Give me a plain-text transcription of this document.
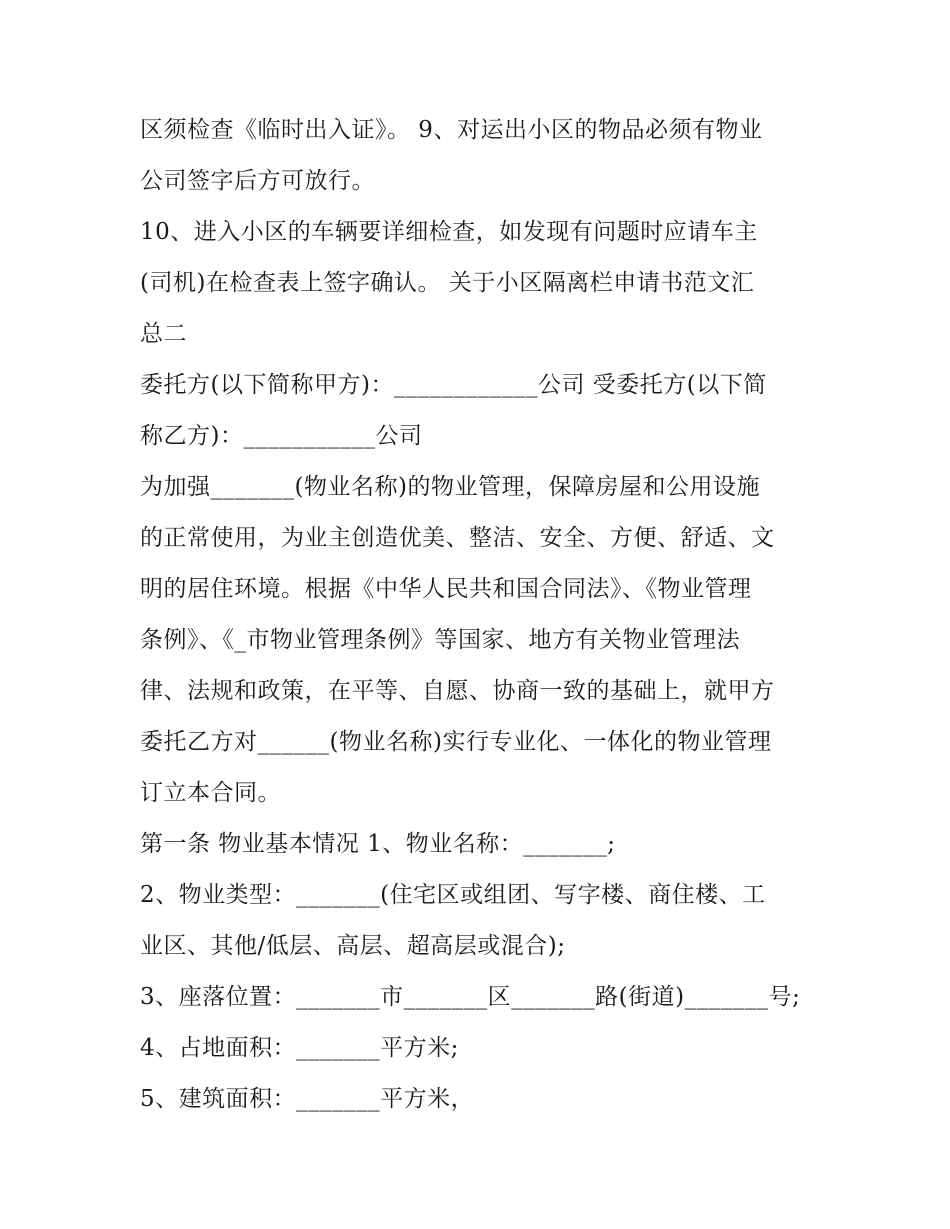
区须检查《临时出入证》。 9、对运出小区的物品必须有物业
公司签字后方可放行。
10、进入小区的车辆要详细检查，如发现有问题时应请车主
(司机)在检查表上签字确认。 关于小区隔离栏申请书范文汇
总二
委托方(以下简称甲方)：____________公司 受委托方(以下简
称乙方)：___________公司
为加强_______(物业名称)的物业管理，保障房屋和公用设施
的正常使用，为业主创造优美、整洁、安全、方便、舒适、文
明的居住环境。根据《中华人民共和国合同法》、《物业管理
条例》、《_市物业管理条例》等国家、地方有关物业管理法
律、法规和政策，在平等、自愿、协商一致的基础上，就甲方
委托乙方对______(物业名称)实行专业化、一体化的物业管理
订立本合同。
第一条 物业基本情况 1、物业名称：_______;
2、物业类型：_______(住宅区或组团、写字楼、商住楼、工
业区、其他/低层、高层、超高层或混合);
3、座落位置：_______市_______区_______路(街道)_______号;
4、占地面积：_______平方米;
5、建筑面积：_______平方米，
